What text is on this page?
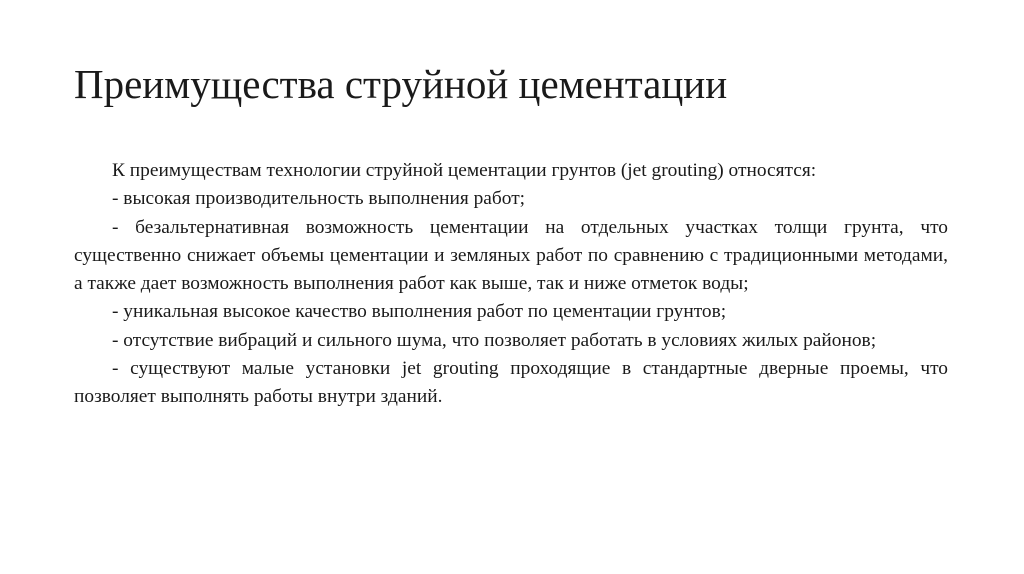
Преимущества струйной цементации

К преимуществам технологии струйной цементации грунтов (jet grouting) относятся:

- высокая производительность выполнения работ;

- безальтернативная возможность цементации на отдельных участках толщи грунта, что существенно снижает объемы цементации и земляных работ по сравнению с традиционными методами, а также дает возможность выполнения работ как выше, так и ниже отметок воды;

- уникальная высокое качество выполнения работ по цементации грунтов;

- отсутствие вибраций и сильного шума, что позволяет работать в условиях жилых районов;

- существуют малые установки jet grouting проходящие в стандартные дверные проемы, что позволяет выполнять работы внутри зданий.
